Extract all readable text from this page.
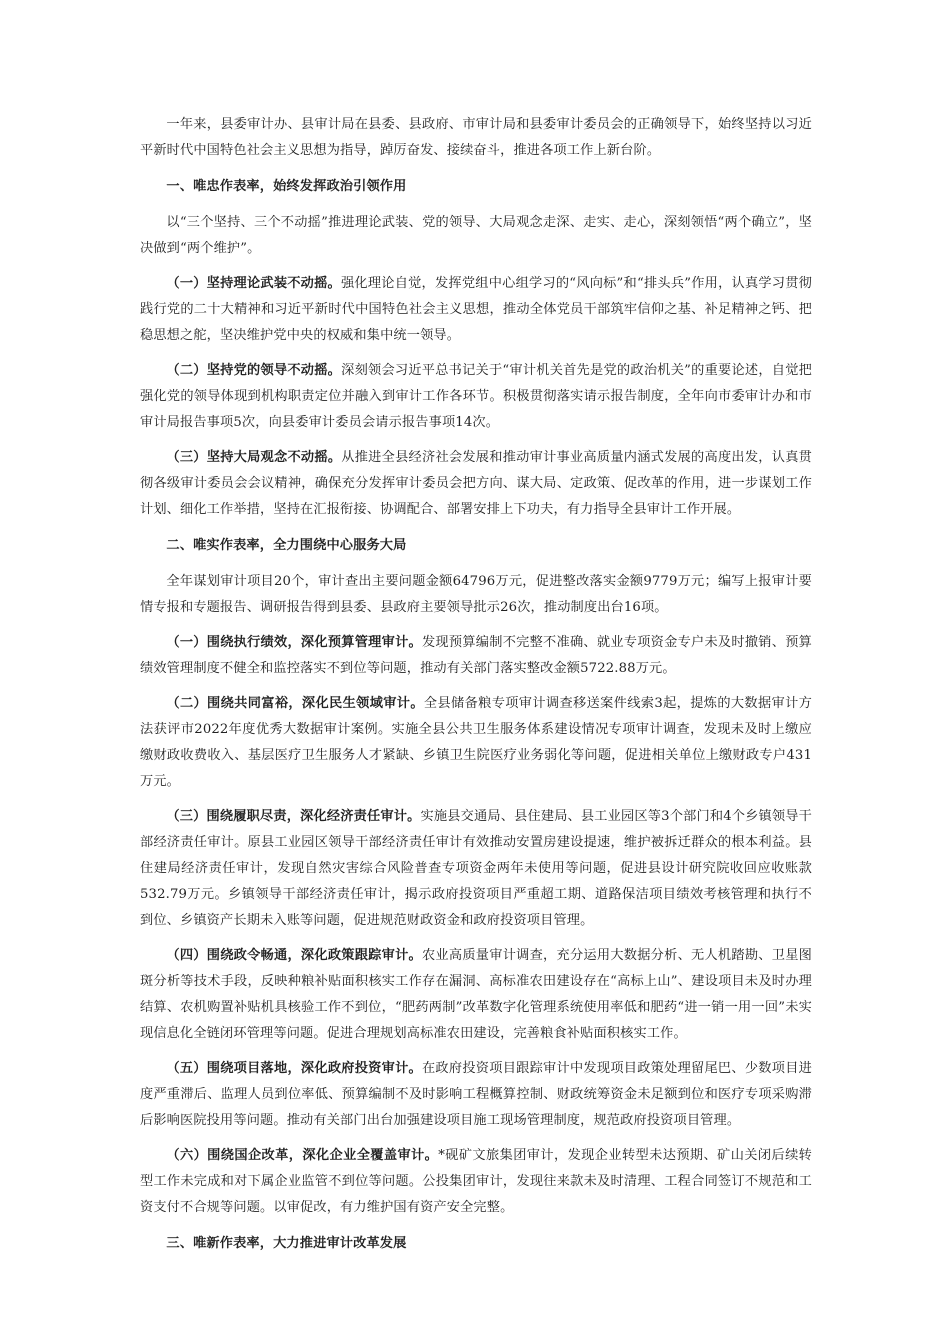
一年来，县委审计办、县审计局在县委、县政府、市审计局和县委审计委员会的正确领导下，始终坚持以习近平新时代中国特色社会主义思想为指导，踔厉奋发、接续奋斗，推进各项工作上新台阶。

一、唯忠作表率，始终发挥政治引领作用

以“三个坚持、三个不动摇”推进理论武装、党的领导、大局观念走深、走实、走心，深刻领悟“两个确立”，坚决做到“两个维护”。

（一）坚持理论武装不动摇。强化理论自觉，发挥党组中心组学习的“风向标”和“排头兵”作用，认真学习贯彻践行党的二十大精神和习近平新时代中国特色社会主义思想，推动全体党员干部筑牢信仰之基、补足精神之钙、把稳思想之舵，坚决维护党中央的权威和集中统一领导。

（二）坚持党的领导不动摇。深刻领会习近平总书记关于“审计机关首先是党的政治机关”的重要论述，自觉把强化党的领导体现到机构职责定位并融入到审计工作各环节。积极贯彻落实请示报告制度，全年向市委审计办和市审计局报告事项5次，向县委审计委员会请示报告事项14次。

（三）坚持大局观念不动摇。从推进全县经济社会发展和推动审计事业高质量内涵式发展的高度出发，认真贯彻各级审计委员会会议精神，确保充分发挥审计委员会把方向、谋大局、定政策、促改革的作用，进一步谋划工作计划、细化工作举措，坚持在汇报衔接、协调配合、部署安排上下功夫，有力指导全县审计工作开展。

二、唯实作表率，全力围绕中心服务大局

全年谋划审计项目20个，审计查出主要问题金额64796万元，促进整改落实金额9779万元；编写上报审计要情专报和专题报告、调研报告得到县委、县政府主要领导批示26次，推动制度出台16项。

（一）围绕执行绩效，深化预算管理审计。发现预算编制不完整不准确、就业专项资金专户未及时撤销、预算绩效管理制度不健全和监控落实不到位等问题，推动有关部门落实整改金额5722.88万元。

（二）围绕共同富裕，深化民生领域审计。全县储备粮专项审计调查移送案件线索3起，提炼的大数据审计方法获评市2022年度优秀大数据审计案例。实施全县公共卫生服务体系建设情况专项审计调查，发现未及时上缴应缴财政收费收入、基层医疗卫生服务人才紧缺、乡镇卫生院医疗业务弱化等问题，促进相关单位上缴财政专户431万元。

（三）围绕履职尽责，深化经济责任审计。实施县交通局、县住建局、县工业园区等3个部门和4个乡镇领导干部经济责任审计。原县工业园区领导干部经济责任审计有效推动安置房建设提速，维护被拆迁群众的根本利益。县住建局经济责任审计，发现自然灾害综合风险普查专项资金两年未使用等问题，促进县设计研究院收回应收账款532.79万元。乡镇领导干部经济责任审计，揭示政府投资项目严重超工期、道路保洁项目绩效考核管理和执行不到位、乡镇资产长期未入账等问题，促进规范财政资金和政府投资项目管理。

（四）围绕政令畅通，深化政策跟踪审计。农业高质量审计调查，充分运用大数据分析、无人机踏勘、卫星图斑分析等技术手段，反映种粮补贴面积核实工作存在漏洞、高标准农田建设存在“高标上山”、建设项目未及时办理结算、农机购置补贴机具核验工作不到位，“肥药两制”改革数字化管理系统使用率低和肥药“进一销一用一回”未实现信息化全链闭环管理等问题。促进合理规划高标准农田建设，完善粮食补贴面积核实工作。

（五）围绕项目落地，深化政府投资审计。在政府投资项目跟踪审计中发现项目政策处理留尾巴、少数项目进度严重滞后、监理人员到位率低、预算编制不及时影响工程概算控制、财政统筹资金未足额到位和医疗专项采购滞后影响医院投用等问题。推动有关部门出台加强建设项目施工现场管理制度，规范政府投资项目管理。

（六）围绕国企改革，深化企业全覆盖审计。*砚矿文旅集团审计，发现企业转型未达预期、矿山关闭后续转型工作未完成和对下属企业监管不到位等问题。公投集团审计，发现往来款未及时清理、工程合同签订不规范和工资支付不合规等问题。以审促改，有力维护国有资产安全完整。

三、唯新作表率，大力推进审计改革发展
